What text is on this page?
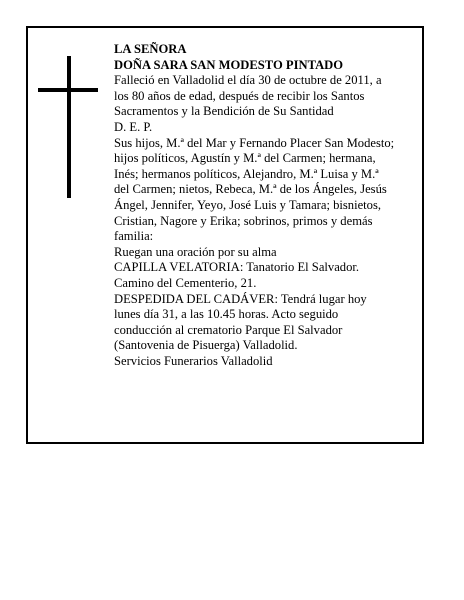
LA SEÑORA
DOÑA SARA SAN MODESTO PINTADO
Falleció en Valladolid el día 30 de octubre de 2011, a
los 80 años de edad, después de recibir los Santos
Sacramentos y la Bendición de Su Santidad
D. E. P.
Sus hijos, M.ª del Mar y Fernando Placer San Modesto;
hijos políticos, Agustín y M.ª del Carmen; hermana,
Inés; hermanos políticos, Alejandro, M.ª Luisa y M.ª
del Carmen; nietos, Rebeca, M.ª de los Ángeles, Jesús
Ángel, Jennifer, Yeyo, José Luis y Tamara; bisnietos,
Cristian, Nagore y Erika; sobrinos, primos y demás
familia:
Ruegan una oración por su alma
CAPILLA VELATORIA: Tanatorio El Salvador.
Camino del Cementerio, 21.
DESPEDIDA DEL CADÁVER: Tendrá lugar hoy
lunes día 31, a las 10.45 horas. Acto seguido
conducción al crematorio Parque El Salvador
(Santovenia de Pisuerga) Valladolid.
Servicios Funerarios Valladolid
